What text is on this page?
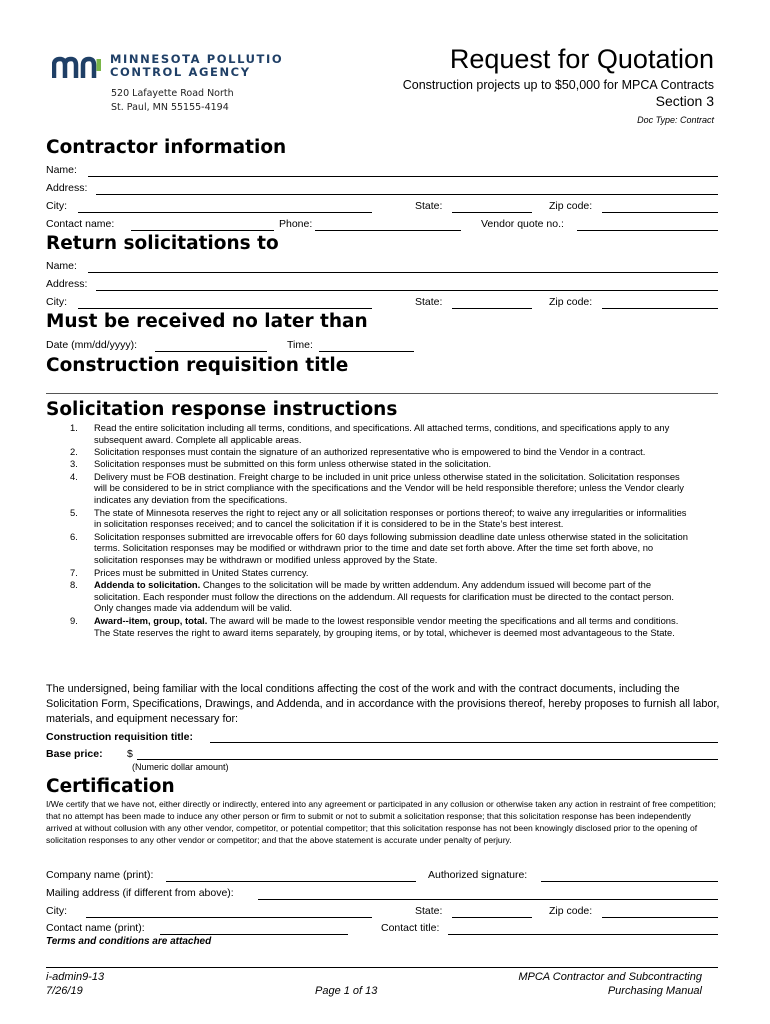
MINNESOTA POLLUTIO
CONTROL AGENCY
520 Lafayette Road North
St. Paul, MN 55155-4194
Request for Quotation
Construction projects up to $50,000 for MPCA Contracts
Section 3
Doc Type: Contract
Contractor information
Name:
Address:
City:	State:	Zip code:
Contact name:	Phone:	Vendor quote no.:
Return solicitations to
Name:
Address:
City:	State:	Zip code:
Must be received no later than
Date (mm/dd/yyyy):	Time:
Construction requisition title
Solicitation response instructions
1. Read the entire solicitation including all terms, conditions, and specifications. All attached terms, conditions, and specifications apply to any subsequent award. Complete all applicable areas.
2. Solicitation responses must contain the signature of an authorized representative who is empowered to bind the Vendor in a contract.
3. Solicitation responses must be submitted on this form unless otherwise stated in the solicitation.
4. Delivery must be FOB destination. Freight charge to be included in unit price unless otherwise stated in the solicitation. Solicitation responses will be considered to be in strict compliance with the specifications and the Vendor will be held responsible therefore; unless the Vendor clearly indicates any deviation from the specifications.
5. The state of Minnesota reserves the right to reject any or all solicitation responses or portions thereof; to waive any irregularities or informalities in solicitation responses received; and to cancel the solicitation if it is considered to be in the State’s best interest.
6. Solicitation responses submitted are irrevocable offers for 60 days following submission deadline date unless otherwise stated in the solicitation terms. Solicitation responses may be modified or withdrawn prior to the time and date set forth above. After the time set forth above, no solicitation responses may be withdrawn or modified unless approved by the State.
7. Prices must be submitted in United States currency.
8. Addenda to solicitation. Changes to the solicitation will be made by written addendum. Any addendum issued will become part of the solicitation. Each responder must follow the directions on the addendum. All requests for clarification must be directed to the contact person. Only changes made via addendum will be valid.
9. Award--item, group, total. The award will be made to the lowest responsible vendor meeting the specifications and all terms and conditions. The State reserves the right to award items separately, by grouping items, or by total, whichever is deemed most advantageous to the State.
The undersigned, being familiar with the local conditions affecting the cost of the work and with the contract documents, including the Solicitation Form, Specifications, Drawings, and Addenda, and in accordance with the provisions thereof, hereby proposes to furnish all labor, materials, and equipment necessary for:
Construction requisition title:
Base price: $
(Numeric dollar amount)
Certification
I/We certify that we have not, either directly or indirectly, entered into any agreement or participated in any collusion or otherwise taken any action in restraint of free competition; that no attempt has been made to induce any other person or firm to submit or not to submit a solicitation response; that this solicitation response has been independently arrived at without collusion with any other vendor, competitor, or potential competitor; that this solicitation response has not been knowingly disclosed prior to the opening of solicitation responses to any other vendor or competitor; and that the above statement is accurate under penalty of perjury.
Company name (print):	Authorized signature:
Mailing address (if different from above):
City:	State:	Zip code:
Contact name (print):	Contact title:
Terms and conditions are attached
i-admin9-13
7/26/19	Page 1 of 13
MPCA Contractor and Subcontracting
Purchasing Manual
